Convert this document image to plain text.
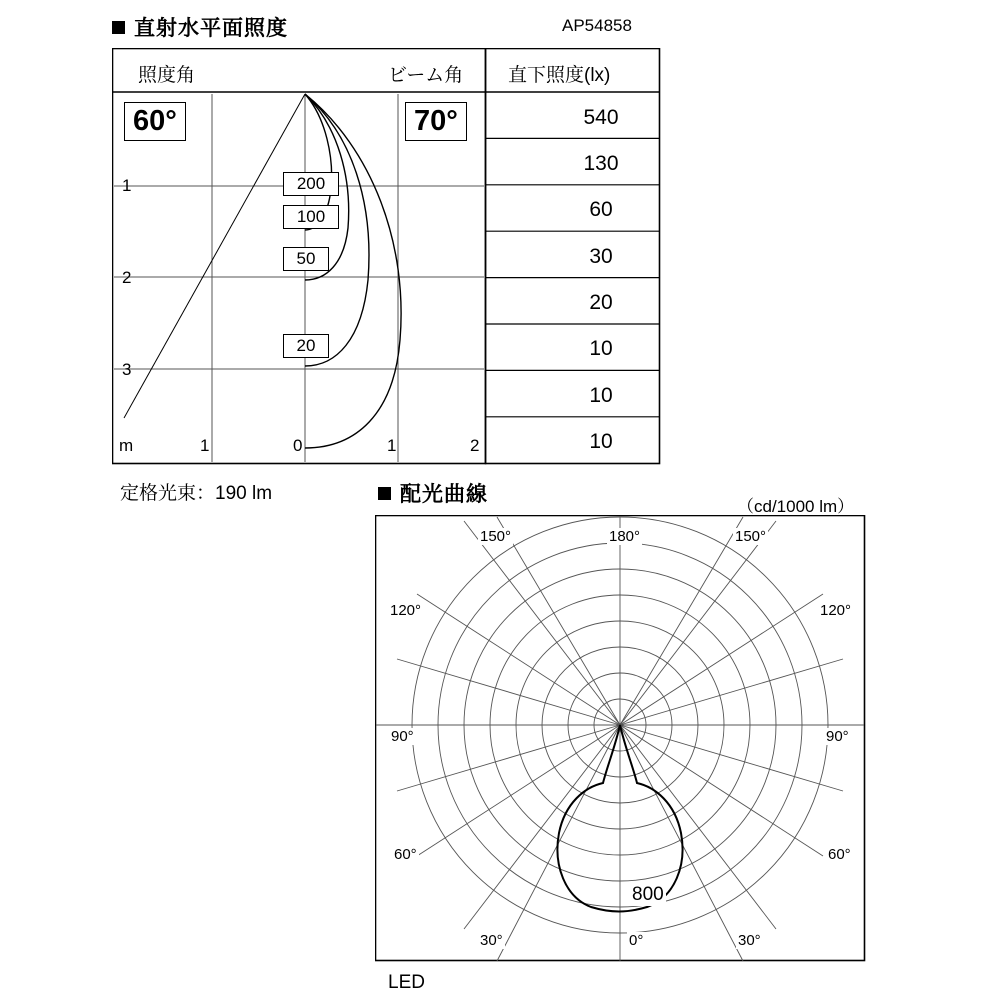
直射水平面照度	AP54858
照度角	ビーム角 直下照度(lx)
60°	70°
1
2
3
m	1	0	1	2
200
100
50
20
540
130
60
30
20
10
10
10
定格光束：190 lm	配光曲線
（cd/1000 lm）
150°	180°	150°
120°	120°
90°	90°
60°	60°
30°	0°	30°
800
LED
